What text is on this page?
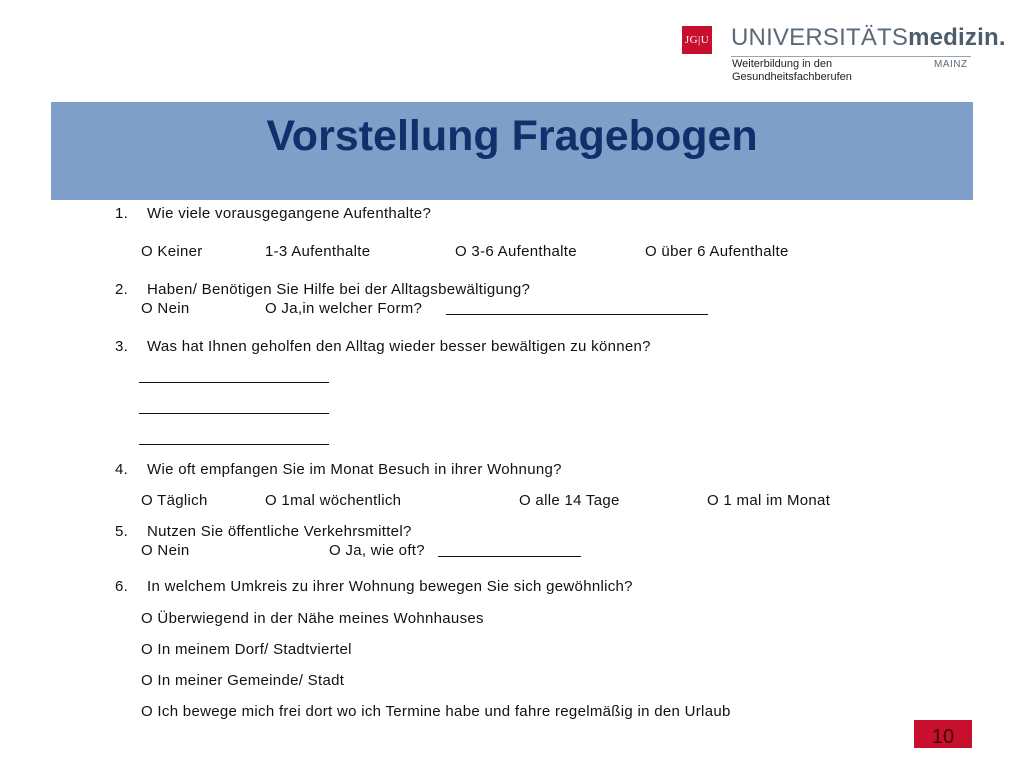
JG|U UNIVERSITÄTSmedizin.
Weiterbildung in den
Gesundheitsfachberufen
MAINZ
Vorstellung Fragebogen
1. Wie viele vorausgegangene Aufenthalte?
O Keiner	1-3 Aufenthalte	O 3-6 Aufenthalte	O über 6 Aufenthalte
2. Haben/ Benötigen Sie Hilfe bei der Alltagsbewältigung?
O Nein	O Ja,in welcher Form?
3. Was hat Ihnen geholfen den Alltag wieder besser bewältigen zu können?
4. Wie oft empfangen Sie im Monat Besuch in ihrer Wohnung?
O Täglich	O 1mal wöchentlich	O alle 14 Tage	O 1 mal im Monat
5. Nutzen Sie öffentliche Verkehrsmittel?
O Nein	O Ja, wie oft?
6. In welchem Umkreis zu ihrer Wohnung bewegen Sie sich gewöhnlich?
O Überwiegend in der Nähe meines Wohnhauses
O In meinem Dorf/ Stadtviertel
O In meiner Gemeinde/ Stadt
O Ich bewege mich frei dort wo ich Termine habe und fahre regelmäßig in den Urlaub
10
